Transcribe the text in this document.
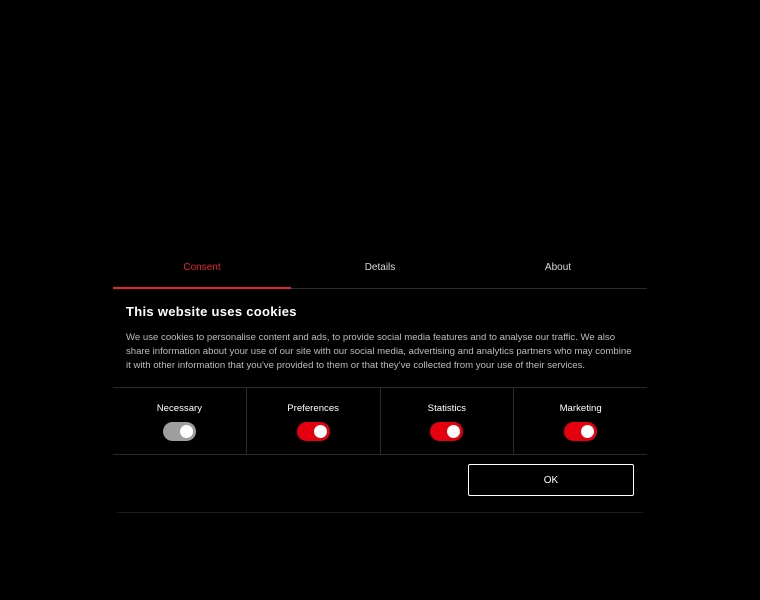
Consent	Details	About
This website uses cookies

We use cookies to personalise content and ads, to provide social media features and to analyse our traffic. We also share information about your use of our site with our social media, advertising and analytics partners who may combine it with other information that you've provided to them or that they've collected from your use of their services.

Necessary	Preferences	Statistics	Marketing
OK
